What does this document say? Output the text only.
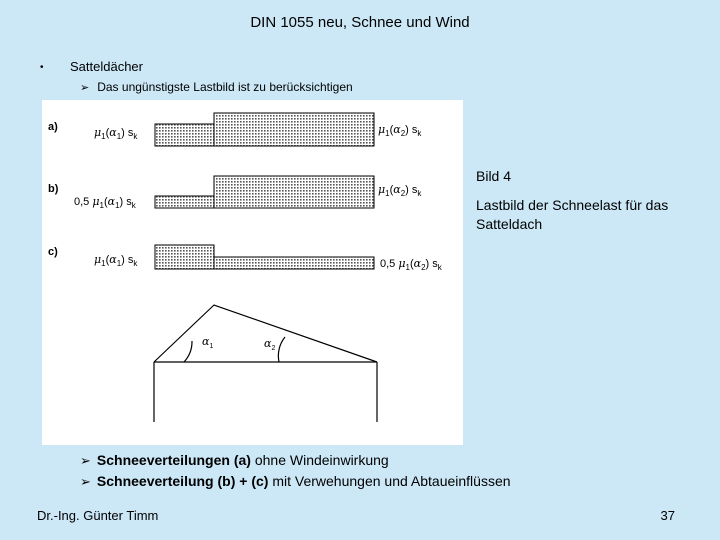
DIN 1055 neu, Schnee und Wind
• Satteldächer
➢ Das ungünstigste Lastbild ist zu berücksichtigen
a)	$\mu_1(\alpha_1)$ $s_k$
$\mu_1(\alpha_2)$ $s_k$
b)
0,5 $\mu_1(\alpha_1)$ $s_k$
$\mu_1(\alpha_2)$ $s_k$
c)
$\mu_1(\alpha_1)$ $s_k$	0,5 $\mu_1(\alpha_2)$ $s_k$
$\alpha_1$	$\alpha_2$
Bild 4
Lastbild der Schneelast für das Satteldach
➢ Schneeverteilungen (a) ohne Windeinwirkung
➢ Schneeverteilung (b) + (c) mit Verwehungen und Abtaueinflüssen
Dr.-Ing. Günter Timm	37
